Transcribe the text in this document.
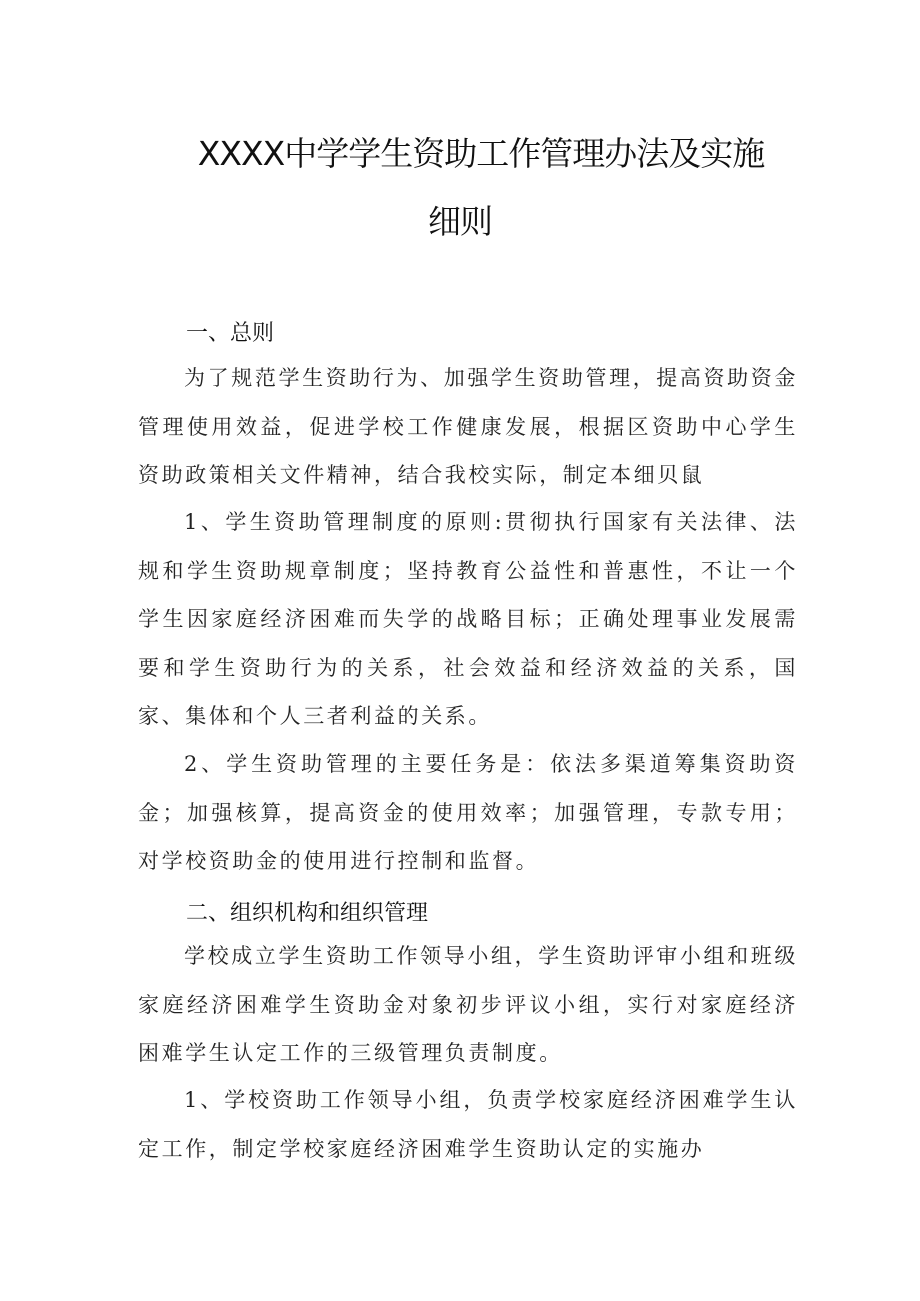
XXXX中学学生资助工作管理办法及实施
细则
一、总则

为了规范学生资助行为、加强学生资助管理，提高资助资金管理使用效益，促进学校工作健康发展，根据区资助中心学生资助政策相关文件精神，结合我校实际，制定本细贝鼠

1、学生资助管理制度的原则:贯彻执行国家有关法律、法规和学生资助规章制度；坚持教育公益性和普惠性，不让一个学生因家庭经济困难而失学的战略目标；正确处理事业发展需要和学生资助行为的关系，社会效益和经济效益的关系，国家、集体和个人三者利益的关系。

2、学生资助管理的主要任务是：依法多渠道筹集资助资金；加强核算，提高资金的使用效率；加强管理，专款专用；对学校资助金的使用进行控制和监督。

二、组织机构和组织管理

学校成立学生资助工作领导小组，学生资助评审小组和班级家庭经济困难学生资助金对象初步评议小组，实行对家庭经济困难学生认定工作的三级管理负责制度。

1、学校资助工作领导小组，负责学校家庭经济困难学生认定工作，制定学校家庭经济困难学生资助认定的实施办
